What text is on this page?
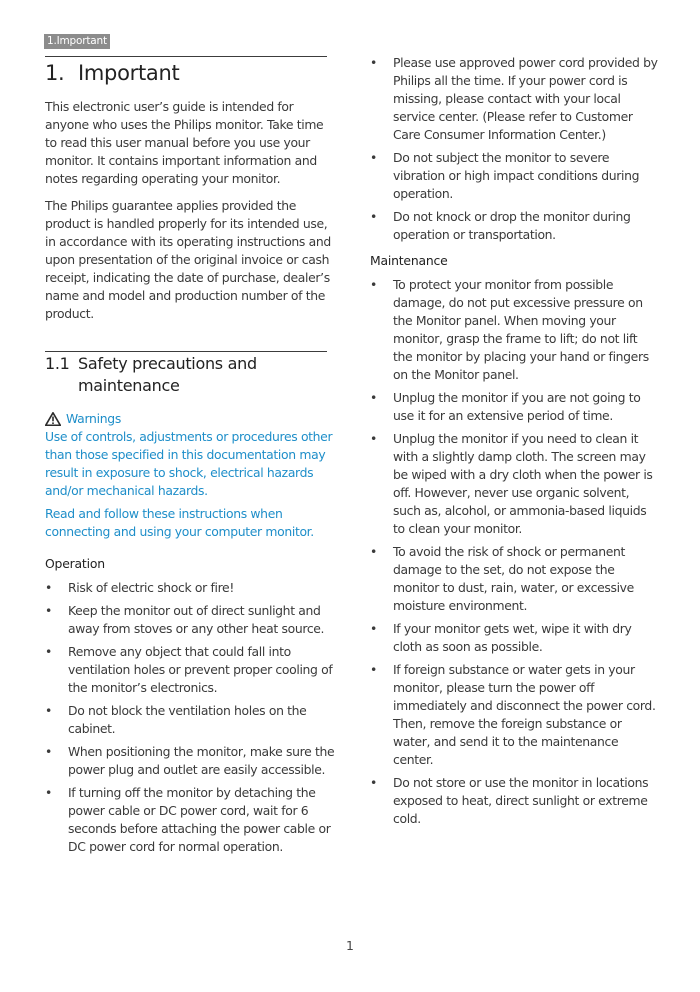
1.Important
1. Important

This electronic user’s guide is intended for anyone who uses the Philips monitor. Take time to read this user manual before you use your monitor. It contains important information and notes regarding operating your monitor.

The Philips guarantee applies provided the product is handled properly for its intended use, in accordance with its operating instructions and upon presentation of the original invoice or cash receipt, indicating the date of purchase, dealer’s name and model and production number of the product.

1.1 Safety precautions and maintenance
Warnings

Use of controls, adjustments or procedures other than those specified in this documentation may result in exposure to shock, electrical hazards and/or mechanical hazards.

Read and follow these instructions when connecting and using your computer monitor.

Operation
•	Risk of electric shock or fire!
•	Keep the monitor out of direct sunlight and away from stoves or any other heat source.
•	Remove any object that could fall into ventilation holes or prevent proper cooling of the monitor’s electronics.
•	Do not block the ventilation holes on the cabinet.
•	When positioning the monitor, make sure the power plug and outlet are easily accessible.
•	If turning off the monitor by detaching the power cable or DC power cord, wait for 6 seconds before attaching the power cable or DC power cord for normal operation.
•	Please use approved power cord provided by Philips all the time. If your power cord is missing, please contact with your local service center. (Please refer to Customer Care Consumer Information Center.)
•	Do not subject the monitor to severe vibration or high impact conditions during operation.
•	Do not knock or drop the monitor during operation or transportation.
Maintenance
•	To protect your monitor from possible damage, do not put excessive pressure on the Monitor panel. When moving your monitor, grasp the frame to lift; do not lift the monitor by placing your hand or fingers on the Monitor panel.
•	Unplug the monitor if you are not going to use it for an extensive period of time.
•	Unplug the monitor if you need to clean it with a slightly damp cloth. The screen may be wiped with a dry cloth when the power is off. However, never use organic solvent, such as, alcohol, or ammonia-based liquids to clean your monitor.
•	To avoid the risk of shock or permanent damage to the set, do not expose the monitor to dust, rain, water, or excessive moisture environment.
•	If your monitor gets wet, wipe it with dry cloth as soon as possible.
•	If foreign substance or water gets in your monitor, please turn the power off immediately and disconnect the power cord. Then, remove the foreign substance or water, and send it to the maintenance center.
•	Do not store or use the monitor in locations exposed to heat, direct sunlight or extreme cold.
1
